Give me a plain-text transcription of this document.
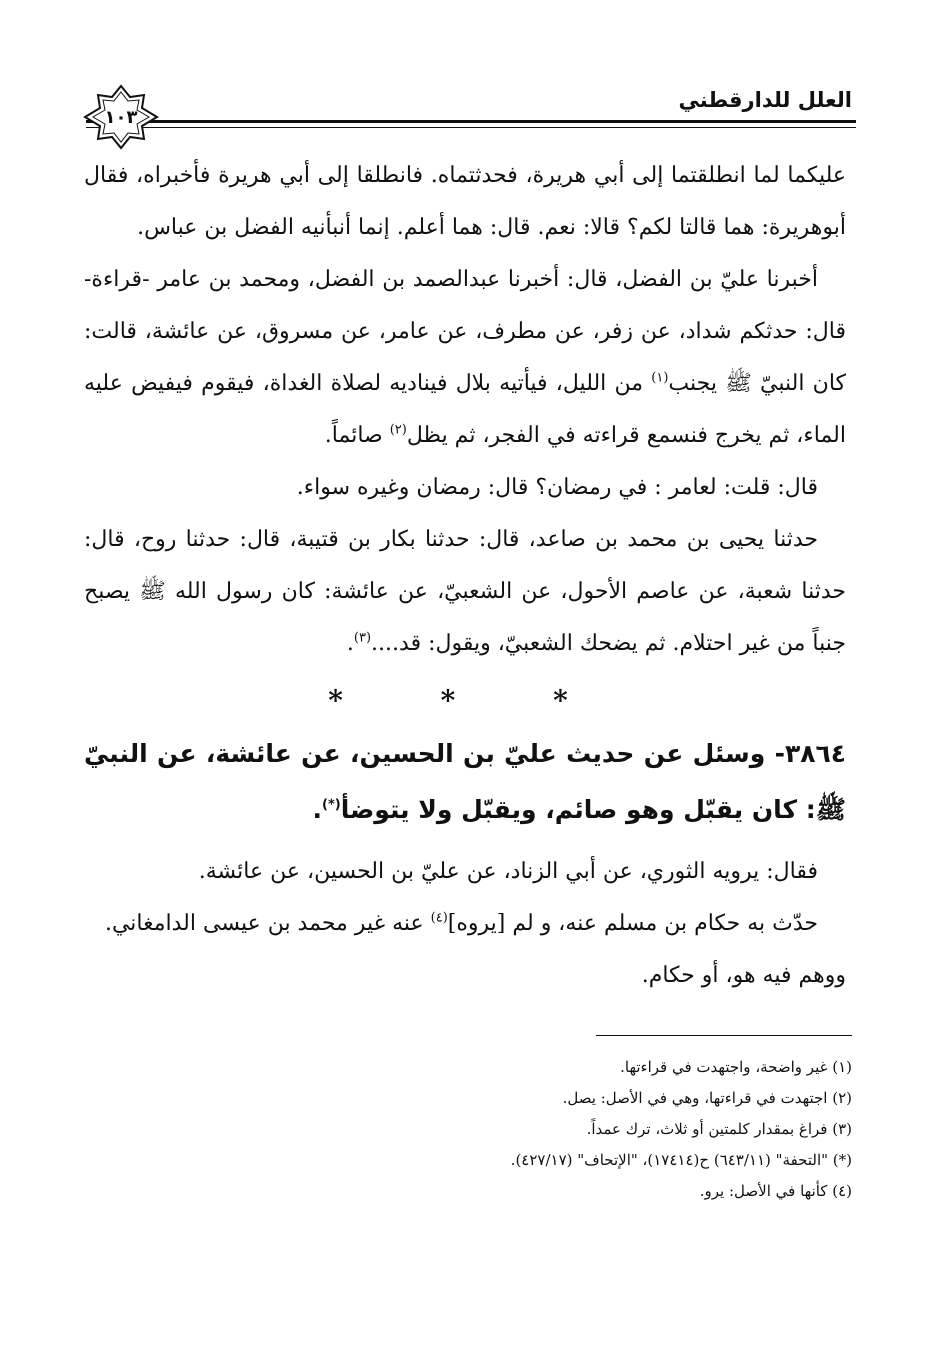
العلل للدارقطني
١٠٣

عليكما لما انطلقتما إلى أبي هريرة، فحدثتماه. فانطلقا إلى أبي هريرة فأخبراه، فقال أبوهريرة: هما قالتا لكم؟ قالا: نعم. قال: هما أعلم. إنما أنبأنيه الفضل بن عباس.

أخبرنا عليّ بن الفضل، قال: أخبرنا عبدالصمد بن الفضل، ومحمد بن عامر -قراءة- قال: حدثكم شداد، عن زفر، عن مطرف، عن عامر، عن مسروق، عن عائشة، قالت: كان النبيّ ﷺ يجنب$^{(١)}$ من الليل، فيأتيه بلال فيناديه لصلاة الغداة، فيقوم فيفيض عليه الماء، ثم يخرج فنسمع قراءته في الفجر، ثم يظل$^{(٢)}$ صائماً.

قال: قلت: لعامر : في رمضان؟ قال: رمضان وغيره سواء.

حدثنا يحيى بن محمد بن صاعد، قال: حدثنا بكار بن قتيبة، قال: حدثنا روح، قال: حدثنا شعبة، عن عاصم الأحول، عن الشعبيّ، عن عائشة: كان رسول الله ﷺ يصبح جنباً من غير احتلام. ثم يضحك الشعبيّ، ويقول: قد....$^{(٣)}$.

* * *
٣٨٦٤- وسئل عن حديث عليّ بن الحسين، عن عائشة، عن النبيّ ﷺ: كان يقبّل وهو صائم، ويقبّل ولا يتوضأ(*).

فقال: يرويه الثوري، عن أبي الزناد، عن عليّ بن الحسين، عن عائشة.

حدّث به حكام بن مسلم عنه، و لم [يروه]$^{(٤)}$ عنه غير محمد بن عيسى الدامغاني.

ووهم فيه هو، أو حكام.

(١) غير واضحة، واجتهدت في قراءتها.

(٢) اجتهدت في قراءتها، وهي في الأصل: يصل.

(٣) فراغ بمقدار كلمتين أو ثلاث، ترك عمداً.

(*) "التحفة" (٦٤٣/١١) ح(١٧٤١٤)، "الإتحاف" (٤٢٧/١٧).

(٤) كأنها في الأصل: يرو.
